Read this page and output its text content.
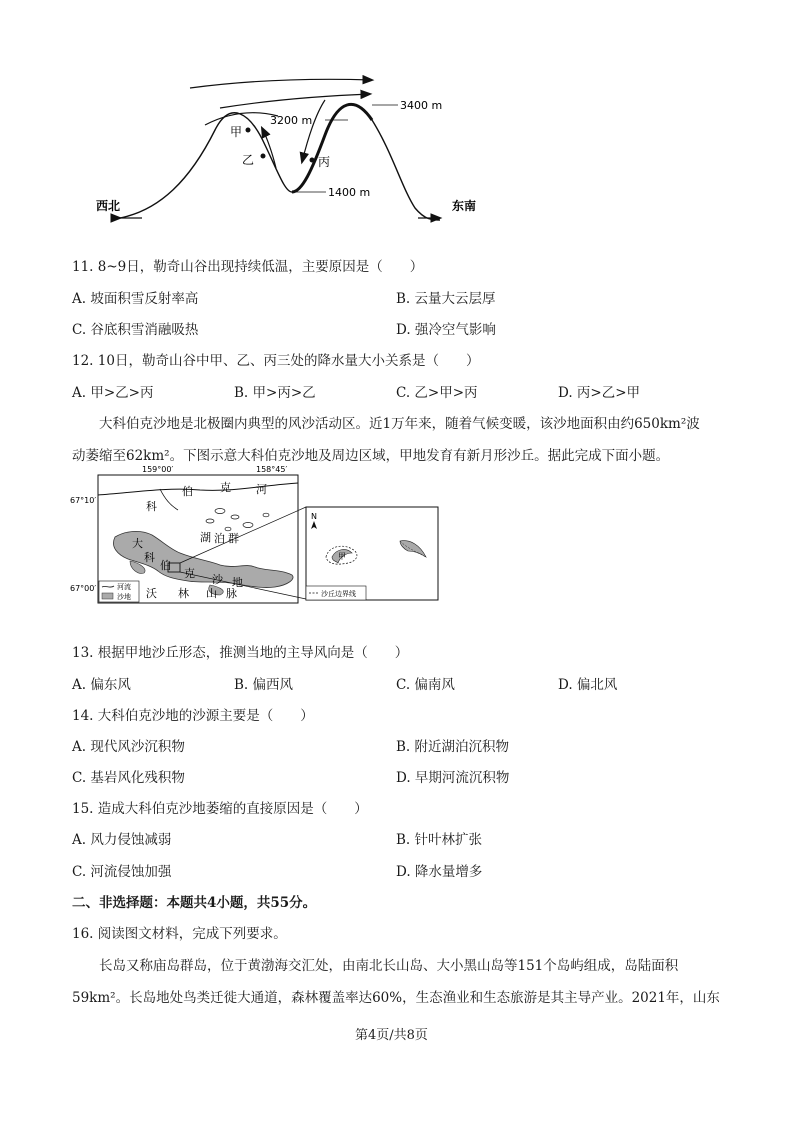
3200 m
3400 m
1400 m
甲
乙	丙
西北	东南
11. 8~9日，勒奇山谷出现持续低温，主要原因是（　　）
A. 坡面积雪反射率高	B. 云量大云层厚
C. 谷底积雪消融吸热	D. 强冷空气影响
12. 10日，勒奇山谷中甲、乙、丙三处的降水量大小关系是（　　）
A. 甲>乙>丙	B. 甲>丙>乙	C. 乙>甲>丙	D. 丙>乙>甲
大科伯克沙地是北极圈内典型的风沙活动区。近1万年来，随着气候变暖，该沙地面积由约650km²波
动萎缩至62km²。下图示意大科伯克沙地及周边区域，甲地发育有新月形沙丘。据此完成下面小题。
159°00′	158°45′
67°10′
67°00′
科
伯 克 河
湖 泊 群
大
科
伯
克 沙 地
沃 林 山 脉
河流
沙地
N
甲
沙丘边界线
13. 根据甲地沙丘形态，推测当地的主导风向是（　　）
A. 偏东风	B. 偏西风	C. 偏南风	D. 偏北风
14. 大科伯克沙地的沙源主要是（　　）
A. 现代风沙沉积物	B. 附近湖泊沉积物
C. 基岩风化残积物	D. 早期河流沉积物
15. 造成大科伯克沙地萎缩的直接原因是（　　）
A. 风力侵蚀减弱	B. 针叶林扩张
C. 河流侵蚀加强	D. 降水量增多
二、非选择题：本题共4小题，共55分。
16. 阅读图文材料，完成下列要求。
长岛又称庙岛群岛，位于黄渤海交汇处，由南北长山岛、大小黑山岛等151个岛屿组成，岛陆面积
59km²。长岛地处鸟类迁徙大通道，森林覆盖率达60%，生态渔业和生态旅游是其主导产业。2021年，山东
第4页/共8页
